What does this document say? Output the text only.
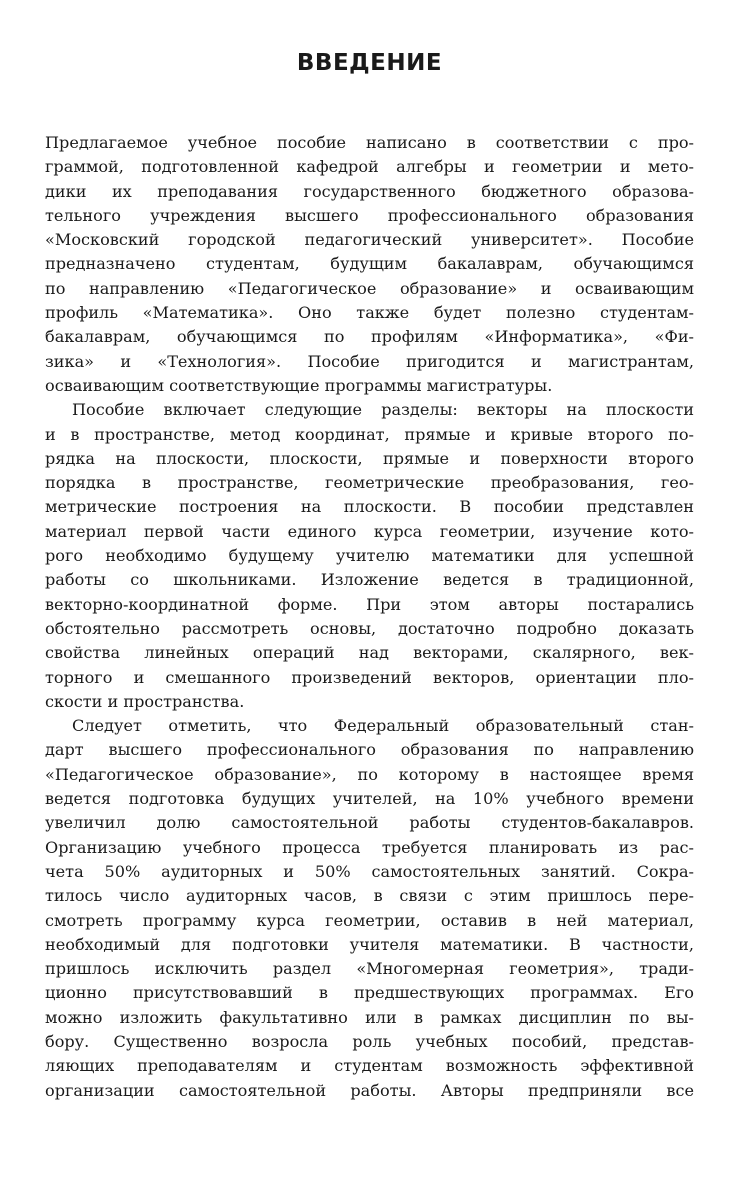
ВВЕДЕНИЕ
Предлагаемое учебное пособие написано в соответствии с про-
граммой, подготовленной кафедрой алгебры и геометрии и мето-
дики их преподавания государственного бюджетного образова-
тельного учреждения высшего профессионального образования
«Московский городской педагогический университет». Пособие
предназначено студентам, будущим бакалаврам, обучающимся
по направлению «Педагогическое образование» и осваивающим
профиль «Математика». Оно также будет полезно студентам-
бакалаврам, обучающимся по профилям «Информатика», «Фи-
зика» и «Технология». Пособие пригодится и магистрантам,
осваивающим соответствующие программы магистратуры.
Пособие включает следующие разделы: векторы на плоскости
и в пространстве, метод координат, прямые и кривые второго по-
рядка на плоскости, плоскости, прямые и поверхности второго
порядка в пространстве, геометрические преобразования, гео-
метрические построения на плоскости. В пособии представлен
материал первой части единого курса геометрии, изучение кото-
рого необходимо будущему учителю математики для успешной
работы со школьниками. Изложение ведется в традиционной,
векторно-координатной форме. При этом авторы постарались
обстоятельно рассмотреть основы, достаточно подробно доказать
свойства линейных операций над векторами, скалярного, век-
торного и смешанного произведений векторов, ориентации пло-
скости и пространства.
Следует отметить, что Федеральный образовательный стан-
дарт высшего профессионального образования по направлению
«Педагогическое образование», по которому в настоящее время
ведется подготовка будущих учителей, на 10% учебного времени
увеличил долю самостоятельной работы студентов-бакалавров.
Организацию учебного процесса требуется планировать из рас-
чета 50% аудиторных и 50% самостоятельных занятий. Сокра-
тилось число аудиторных часов, в связи с этим пришлось пере-
смотреть программу курса геометрии, оставив в ней материал,
необходимый для подготовки учителя математики. В частности,
пришлось исключить раздел «Многомерная геометрия», тради-
ционно присутствовавший в предшествующих программах. Его
можно изложить факультативно или в рамках дисциплин по вы-
бору. Существенно возросла роль учебных пособий, представ-
ляющих преподавателям и студентам возможность эффективной
организации самостоятельной работы. Авторы предприняли все
